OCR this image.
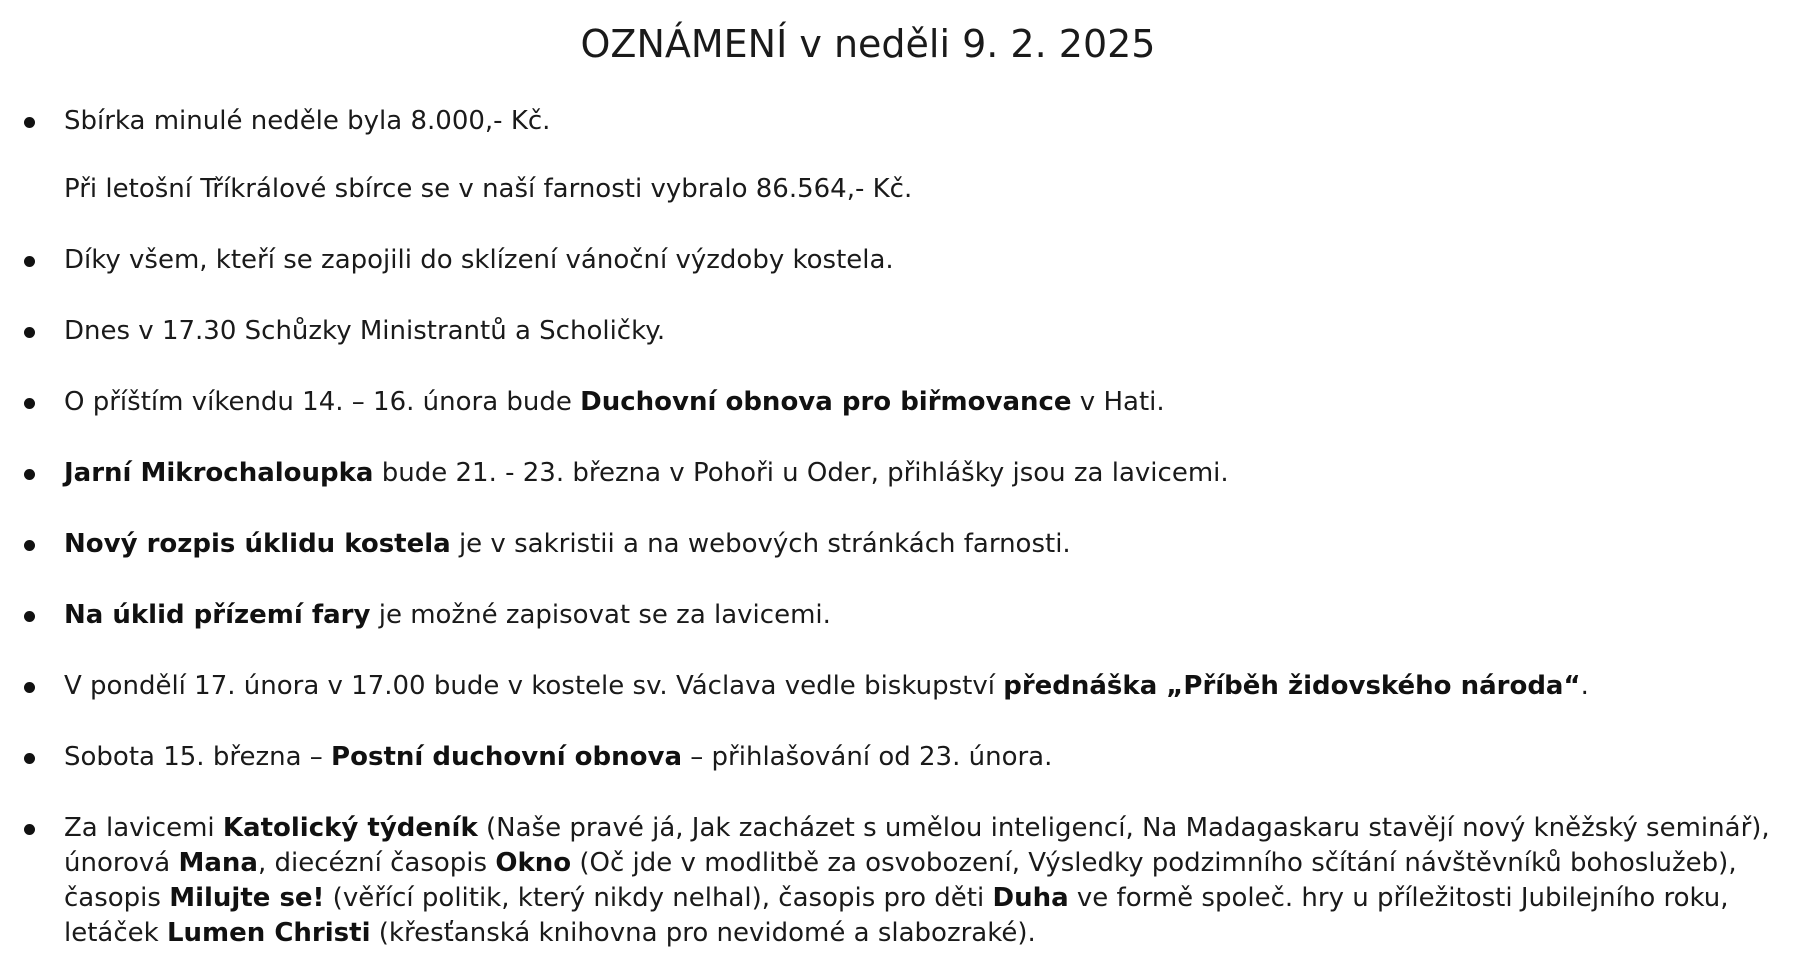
OZNÁMENÍ v neděli 9. 2. 2025
Sbírka minulé neděle byla 8.000,- Kč.
Při letošní Tříkrálové sbírce se v naší farnosti vybralo 86.564,- Kč.
Díky všem, kteří se zapojili do sklízení vánoční výzdoby kostela.
Dnes v 17.30 Schůzky Ministrantů a Scholičky.
O příštím víkendu 14. – 16. února bude Duchovní obnova pro biřmovance v Hati.
Jarní Mikrochaloupka bude 21. - 23. března v Pohoři u Oder, přihlášky jsou za lavicemi.
Nový rozpis úklidu kostela je v sakristii a na webových stránkách farnosti.
Na úklid přízemí fary je možné zapisovat se za lavicemi.
V pondělí 17. února v 17.00 bude v kostele sv. Václava vedle biskupství přednáška „Příběh židovského národa“.
Sobota 15. března – Postní duchovní obnova – přihlašování od 23. února.
Za lavicemi Katolický týdeník (Naše pravé já, Jak zacházet s umělou inteligencí, Na Madagaskaru stavějí nový kněžský seminář),
únorová Mana, diecézní časopis Okno (Oč jde v modlitbě za osvobození, Výsledky podzimního sčítání návštěvníků bohoslužeb),
časopis Milujte se! (věřící politik, který nikdy nelhal), časopis pro děti Duha ve formě společ. hry u příležitosti Jubilejního roku,
letáček Lumen Christi (křesťanská knihovna pro nevidomé a slabozraké).
